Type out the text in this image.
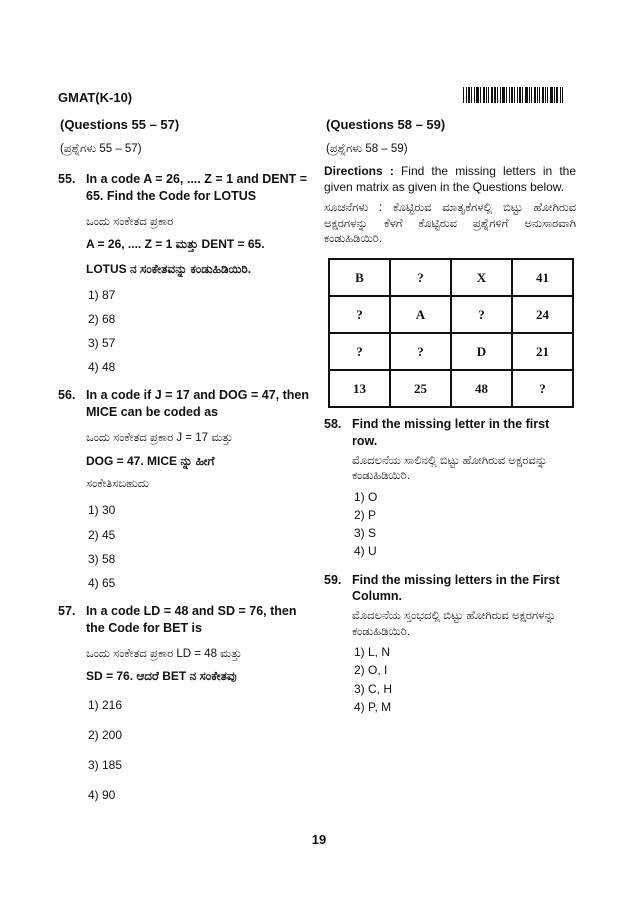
GMAT(K-10)
(Questions 55 – 57)
(ಪ್ರಶ್ನೆಗಳು 55 – 57)
55. In a code A = 26, .... Z = 1 and DENT = 65. Find the Code for LOTUS
ಒಂದು ಸಂಕೇತದ ಪ್ರಕಾರ
A = 26, .... Z = 1 ಮತ್ತು DENT = 65.
LOTUS ನ ಸಂಕೇತವನ್ನು ಕಂಡುಹಿಡಿಯಿರಿ.
1) 87
2) 68
3) 57
4) 48
56. In a code if J = 17 and DOG = 47, then MICE can be coded as
ಒಂದು ಸಂಕೇತದ ಪ್ರಕಾರ J = 17 ಮತ್ತು
DOG = 47. MICE ನ್ನು ಹೀಗೆ
ಸಂಕೇತಿಸಬಹುದು
1) 30
2) 45
3) 58
4) 65
57. In a code LD = 48 and SD = 76, then the Code for BET is
ಒಂದು ಸಂಕೇತದ ಪ್ರಕಾರ LD = 48 ಮತ್ತು
SD = 76. ಆದರೆ BET ನ ಸಂಕೇತವು
1) 216
2) 200
3) 185
4) 90
(Questions 58 – 59)
(ಪ್ರಶ್ನೆಗಳು 58 – 59)
Directions : Find the missing letters in the given matrix as given in the Questions below.
ಸೂಚನೆಗಳು : ಕೊಟ್ಟಿರುವ ಮಾತೃಕೆಗಳಲ್ಲಿ ಬಿಟ್ಟು ಹೋಗಿರುವ ಅಕ್ಷರಗಳನ್ನು ಕೆಳಗೆ ಕೊಟ್ಟಿರುವ ಪ್ರಶ್ನೆಗಳಿಗೆ ಅನುಸಾರವಾಗಿ ಕಂಡುಹಿಡಿಯಿರಿ.
B	?	X	41
?	A	?	24
?	?	D	21
13	25	48	?
58. Find the missing letter in the first row.
ಮೊದಲನೆಯ ಸಾಲಿನಲ್ಲಿ ಬಿಟ್ಟು ಹೋಗಿರುವ ಅಕ್ಷರವನ್ನು ಕಂಡುಹಿಡಿಯಿರಿ.
1) O
2) P
3) S
4) U
59. Find the missing letters in the First Column.
ಮೊದಲನೆಯ ಸ್ತಂಭದಲ್ಲಿ ಬಿಟ್ಟು ಹೋಗಿರುವ ಅಕ್ಷರಗಳನ್ನು ಕಂಡುಹಿಡಿಯಿರಿ.
1) L, N
2) O, I
3) C, H
4) P, M
19
